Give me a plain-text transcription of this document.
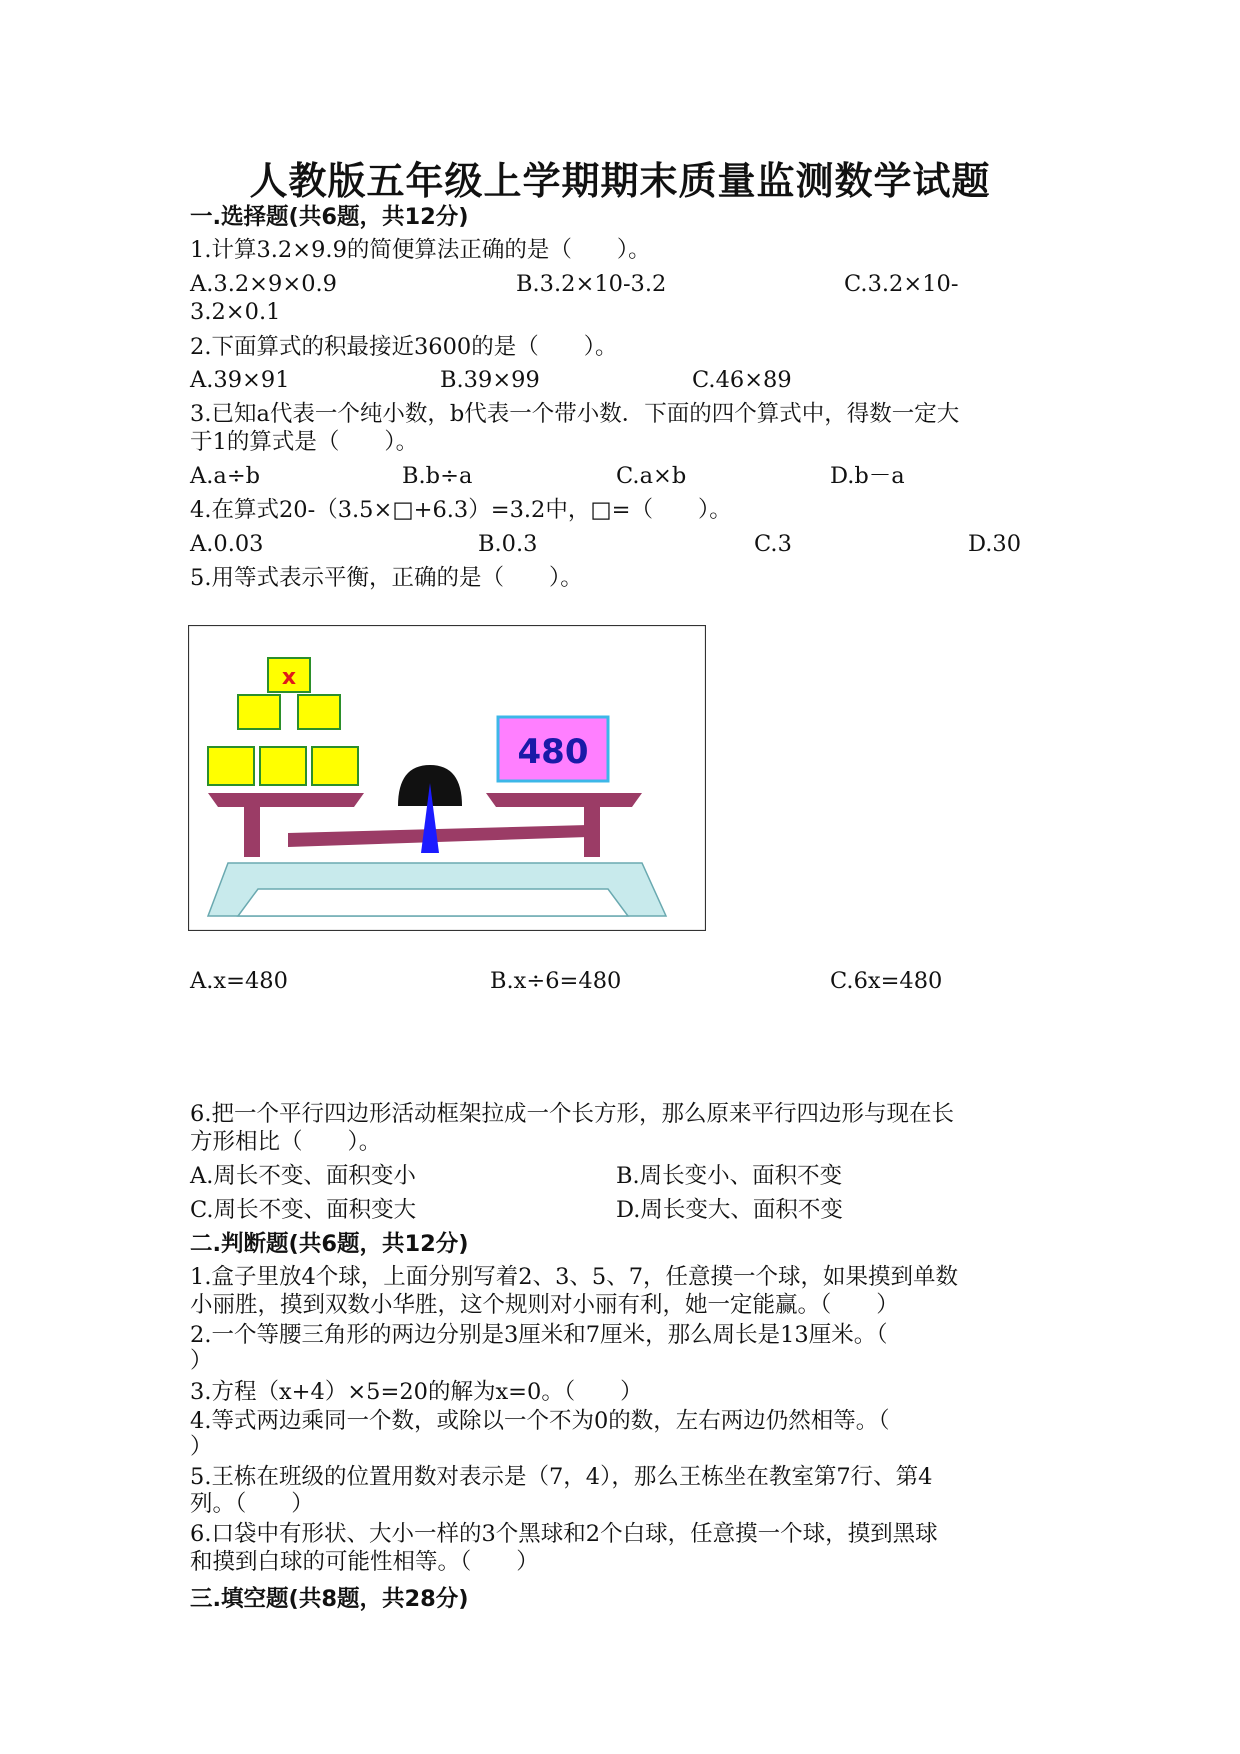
人教版五年级上学期期末质量监测数学试题
一.选择题(共6题，共12分)
1.计算3.2×9.9的简便算法正确的是（　　）。
A.3.2×9×0.9	B.3.2×10-3.2	C.3.2×10-
3.2×0.1
2.下面算式的积最接近3600的是（　　）。
A.39×91	B.39×99	C.46×89
3.已知a代表一个纯小数，b代表一个带小数．下面的四个算式中，得数一定大
于1的算式是（　　）。
A.a÷b	B.b÷a	C.a×b	D.b－a
4.在算式20-（3.5×□+6.3）=3.2中，□=（　　）。
A.0.03	B.0.3	C.3	D.30
5.用等式表示平衡，正确的是（　　）。
x
480
A.x=480	B.x÷6=480	C.6x=480
6.把一个平行四边形活动框架拉成一个长方形，那么原来平行四边形与现在长
方形相比（　　）。
A.周长不变、面积变小	B.周长变小、面积不变
C.周长不变、面积变大	D.周长变大、面积不变
二.判断题(共6题，共12分)
1.盒子里放4个球，上面分别写着2、3、5、7，任意摸一个球，如果摸到单数
小丽胜，摸到双数小华胜，这个规则对小丽有利，她一定能赢。（　　）
2.一个等腰三角形的两边分别是3厘米和7厘米，那么周长是13厘米。（
）
3.方程（x+4）×5=20的解为x=0。（　　）
4.等式两边乘同一个数，或除以一个不为0的数，左右两边仍然相等。（
）
5.王栋在班级的位置用数对表示是（7，4），那么王栋坐在教室第7行、第4
列。（　　）
6.口袋中有形状、大小一样的3个黑球和2个白球，任意摸一个球，摸到黑球
和摸到白球的可能性相等。（　　）
三.填空题(共8题，共28分)
